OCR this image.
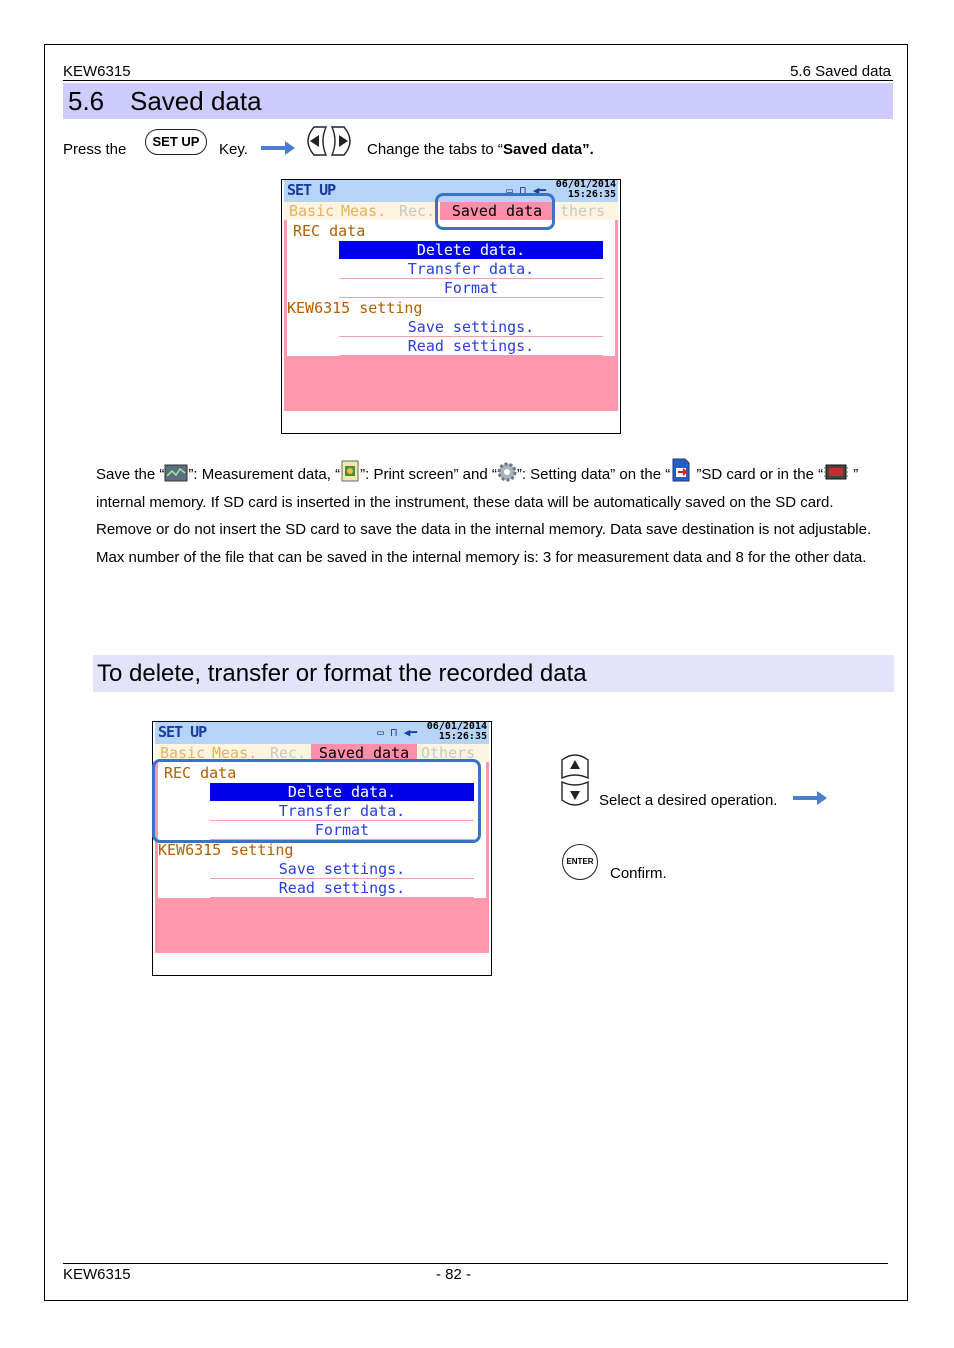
KEW6315	5.6 Saved data
5.6 Saved data
Press the	SET UP	Key.	Change the tabs to “Saved data”.
SET UP	▭ ⊓ ◀━ 06/01/2014
15:26:35
Basic Meas. Rec.	Saved data	thers
REC data
Delete data.
Transfer data.
Format
KEW6315 setting
Save settings.
Read settings.
Save the “ ”: Measurement data, “ ”: Print screen” and “ ”: Setting data” on the “ ”SD card or in the “ ” internal memory. If SD card is inserted in the instrument, these data will be automatically saved on the SD card. Remove or do not insert the SD card to save the data in the internal memory. Data save destination is not adjustable. Max number of the file that can be saved in the internal memory is: 3 for measurement data and 8 for the other data.
To delete, transfer or format the recorded data
SET UP	▭ ⊓ ◀━ 06/01/2014
15:26:35
Basic Meas. Rec. Saved data Others
REC data
Delete data.
Transfer data.
Format
KEW6315 setting
Save settings.
Read settings.
Select a desired operation.
ENTER
Confirm.
KEW6315	- 82 -
